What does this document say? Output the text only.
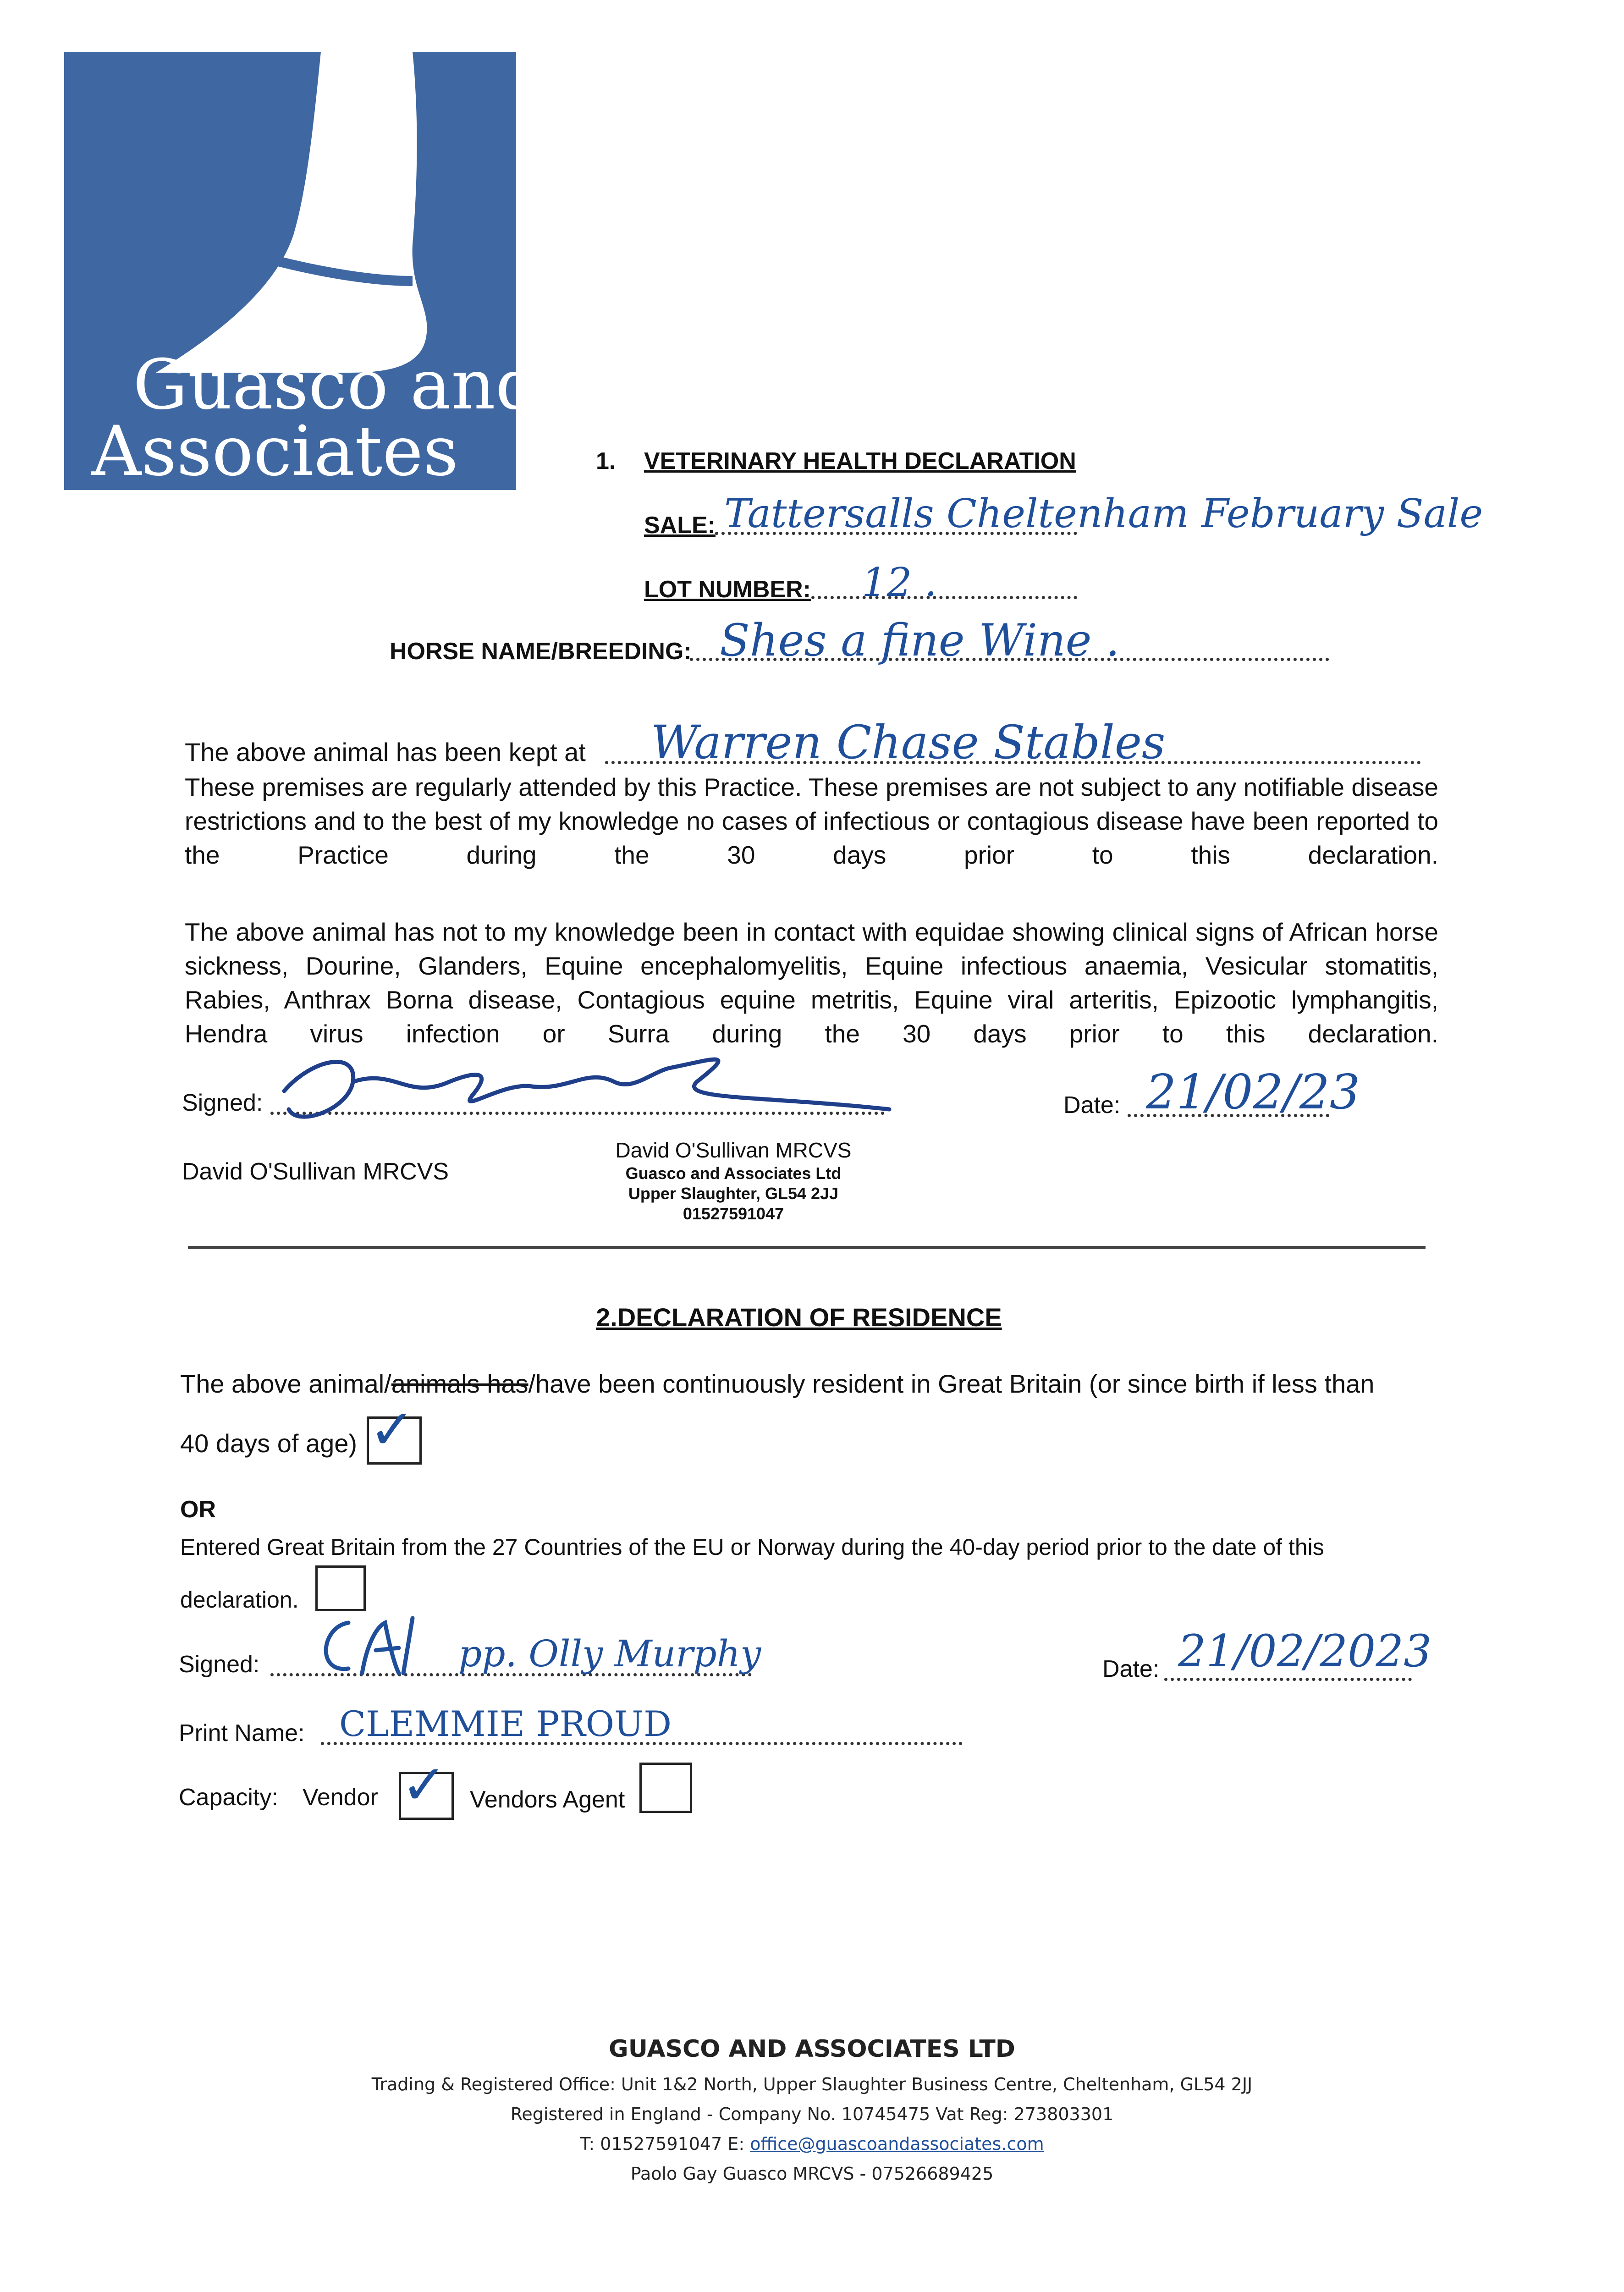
Guasco and
Associates	1. VETERINARY HEALTH DECLARATION
SALE: Tattersalls Cheltenham February Sale
LOT NUMBER: 12 .
HORSE NAME/BREEDING: Shes a fine Wine .
The above animal has been kept at Warren Chase Stables
These premises are regularly attended by this Practice. These premises are not subject to any notifiable disease restrictions and to the best of my knowledge no cases of infectious or contagious disease have been reported to the Practice during the 30 days prior to this declaration.
The above animal has not to my knowledge been in contact with equidae showing clinical signs of African horse sickness, Dourine, Glanders, Equine encephalomyelitis, Equine infectious anaemia, Vesicular stomatitis, Rabies, Anthrax Borna disease, Contagious equine metritis, Equine viral arteritis, Epizootic lymphangitis, Hendra virus infection or Surra during the 30 days prior to this declaration.
Signed:	Date: 21/02/23
David O'Sullivan MRCVS
David O'Sullivan MRCVS
Guasco and Associates Ltd
Upper Slaughter, GL54 2JJ
01527591047
2.DECLARATION OF RESIDENCE
The above animal/animals has/have been continuously resident in Great Britain (or since birth if less than
40 days of age) ✓
OR
Entered Great Britain from the 27 Countries of the EU or Norway during the 40-day period prior to the date of this
declaration.
Signed:	pp. Olly Murphy	Date: 21/02/2023
Print Name: CLEMMIE PROUD
Capacity: Vendor ✓ Vendors Agent
GUASCO AND ASSOCIATES LTD
Trading & Registered Office: Unit 1&2 North, Upper Slaughter Business Centre, Cheltenham, GL54 2JJ
Registered in England - Company No. 10745475 Vat Reg: 273803301
T: 01527591047 E: office@guascoandassociates.com
Paolo Gay Guasco MRCVS - 07526689425
